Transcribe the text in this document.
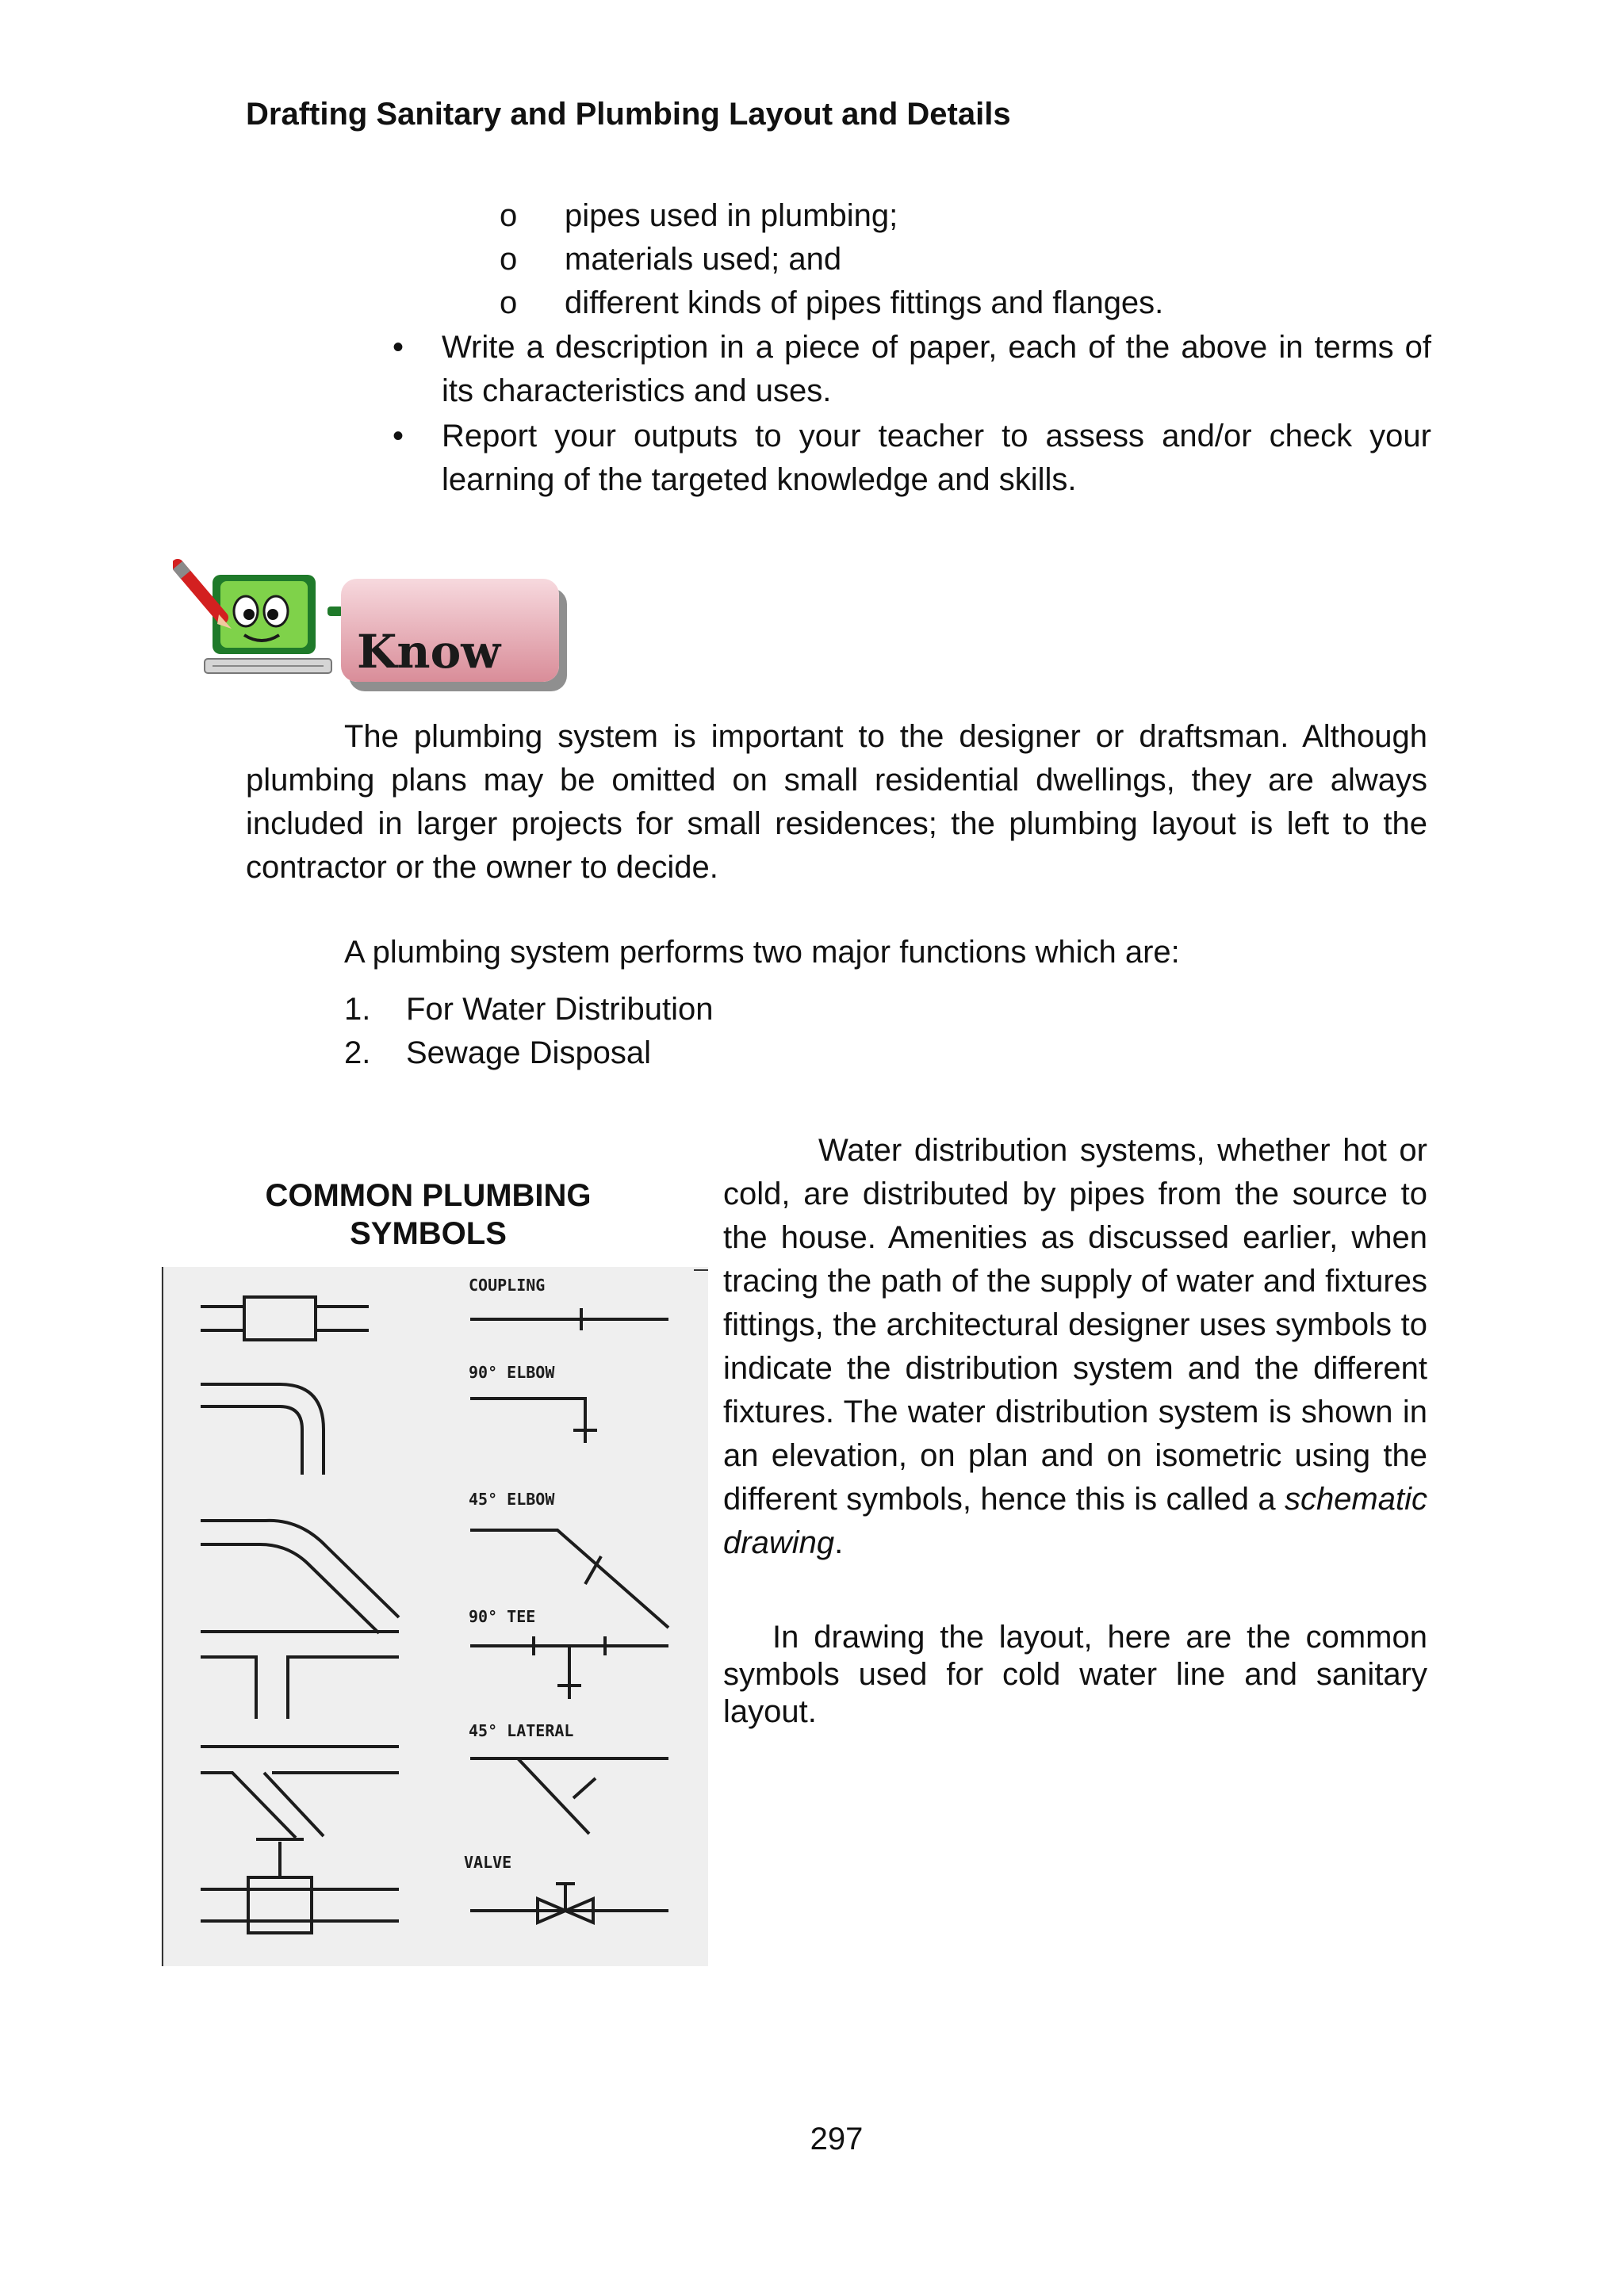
Drafting Sanitary and Plumbing Layout and Details
o	pipes used in plumbing;
o	materials used; and
o	different kinds of pipes fittings and flanges.
• Write a description in a piece of paper, each of the above in terms of its characteristics and uses.
• Report your outputs to your teacher to assess and/or check your learning of the targeted knowledge and skills.
Know
The plumbing system is important to the designer or draftsman. Although plumbing plans may be omitted on small residential dwellings, they are always included in larger projects for small residences; the plumbing layout is left to the contractor or the owner to decide.
A plumbing system performs two major functions which are:
1. For Water Distribution
2. Sewage Disposal
COMMON PLUMBING
SYMBOLS
COUPLING
90° ELBOW
45° ELBOW
90° TEE
45° LATERAL
VALVE
Water distribution systems, whether hot or cold, are distributed by pipes from the source to the house. Amenities as discussed earlier, when tracing the path of the supply of water and fixtures fittings, the architectural designer uses symbols to indicate the distribution system and the different fixtures. The water distribution system is shown in an elevation, on plan and on isometric using the different symbols, hence this is called a schematic drawing.
In drawing the layout, here are the common symbols used for cold water line and sanitary layout.
297
